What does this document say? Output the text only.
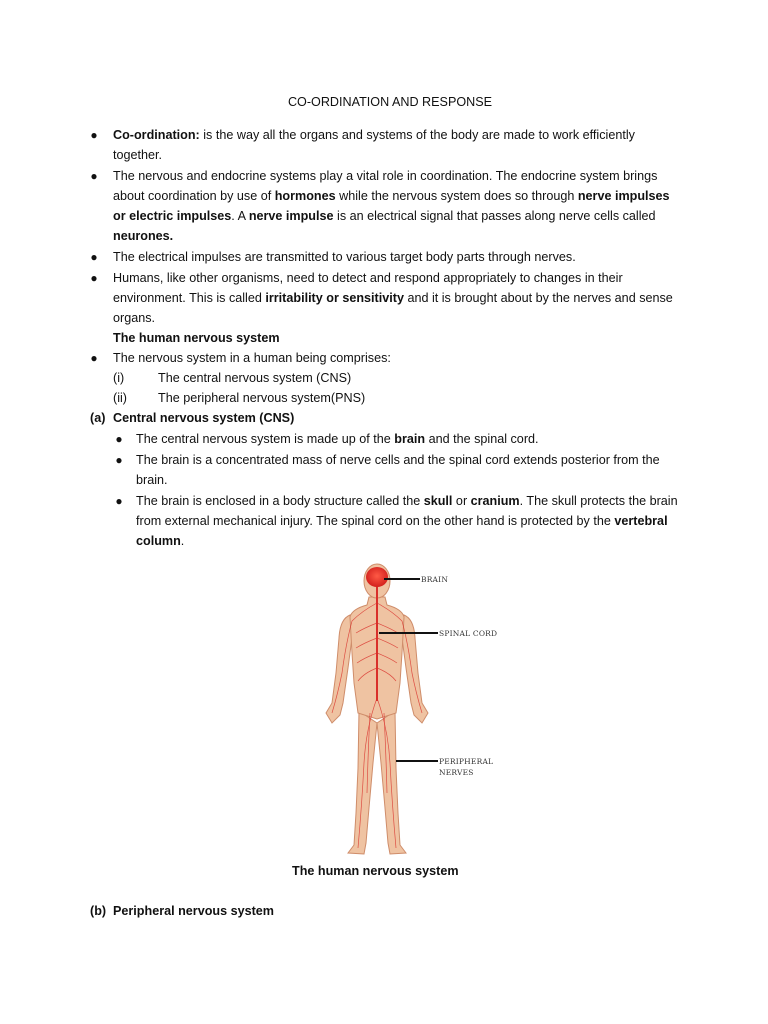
CO-ORDINATION AND RESPONSE
● Co-ordination: is the way all the organs and systems of the body are made to work efficiently together.
● The nervous and endocrine systems play a vital role in coordination. The endocrine system brings about coordination by use of hormones while the nervous system does so through nerve impulses or electric impulses. A nerve impulse is an electrical signal that passes along nerve cells called neurones.
● The electrical impulses are transmitted to various target body parts through nerves.
● Humans, like other organisms, need to detect and respond appropriately to changes in their environment. This is called irritability or sensitivity and it is brought about by the nerves and sense organs.
The human nervous system
● The nervous system in a human being comprises:
(i)	The central nervous system (CNS)
(ii) The peripheral nervous system(PNS)
(a) Central nervous system (CNS)
● The central nervous system is made up of the brain and the spinal cord.
● The brain is a concentrated mass of nerve cells and the spinal cord extends posterior from the brain.
● The brain is enclosed in a body structure called the skull or cranium. The skull protects the brain from external mechanical injury. The spinal cord on the other hand is protected by the vertebral column.
BRAIN
SPINAL CORD
PERIPHERAL
NERVES
The human nervous system
(b) Peripheral nervous system
